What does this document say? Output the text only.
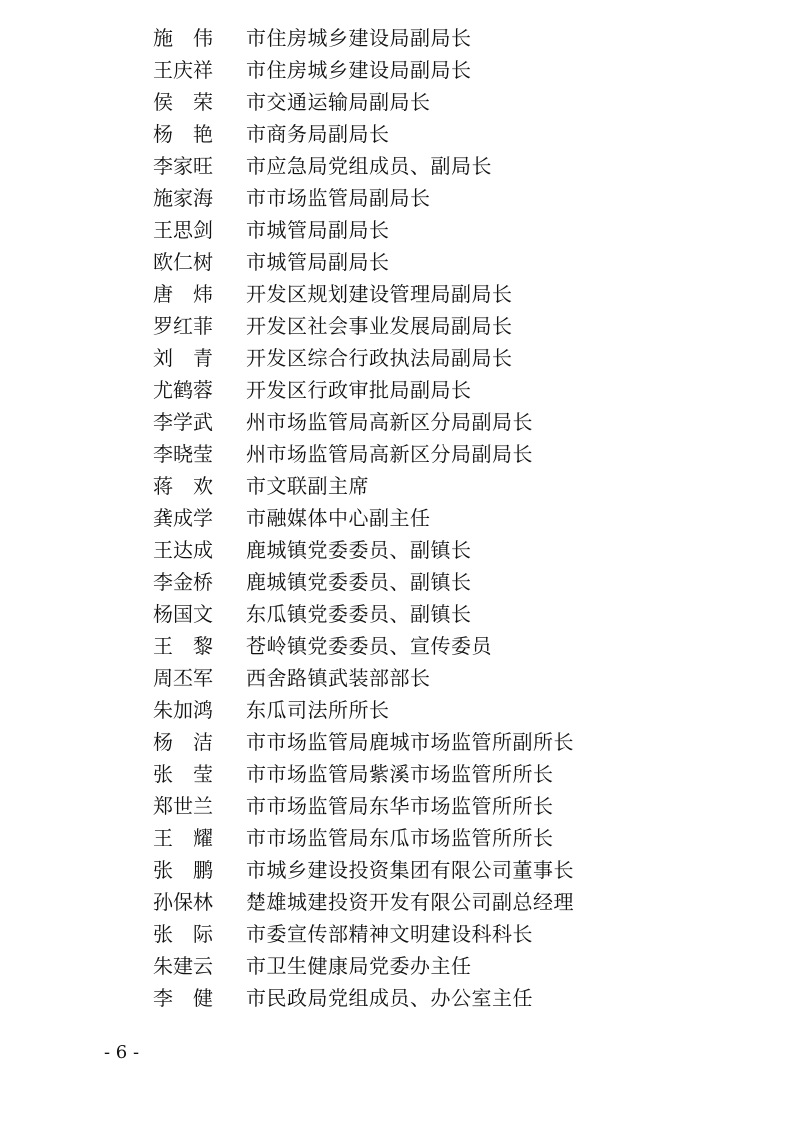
施　伟	市住房城乡建设局副局长
王庆祥	市住房城乡建设局副局长
侯　荣	市交通运输局副局长
杨　艳	市商务局副局长
李家旺	市应急局党组成员、副局长
施家海	市市场监管局副局长
王思剑	市城管局副局长
欧仁树	市城管局副局长
唐　炜	开发区规划建设管理局副局长
罗红菲	开发区社会事业发展局副局长
刘　青	开发区综合行政执法局副局长
尤鹤蓉	开发区行政审批局副局长
李学武	州市场监管局高新区分局副局长
李晓莹	州市场监管局高新区分局副局长
蒋　欢	市文联副主席
龚成学	市融媒体中心副主任
王达成	鹿城镇党委委员、副镇长
李金桥	鹿城镇党委委员、副镇长
杨国文	东瓜镇党委委员、副镇长
王　黎	苍岭镇党委委员、宣传委员
周丕军	西舍路镇武装部部长
朱加鸿	东瓜司法所所长
杨　洁	市市场监管局鹿城市场监管所副所长
张　莹	市市场监管局紫溪市场监管所所长
郑世兰	市市场监管局东华市场监管所所长
王　耀	市市场监管局东瓜市场监管所所长
张　鹏	市城乡建设投资集团有限公司董事长
孙保林	楚雄城建投资开发有限公司副总经理
张　际	市委宣传部精神文明建设科科长
朱建云	市卫生健康局党委办主任
李　健	市民政局党组成员、办公室主任
- 6 -
